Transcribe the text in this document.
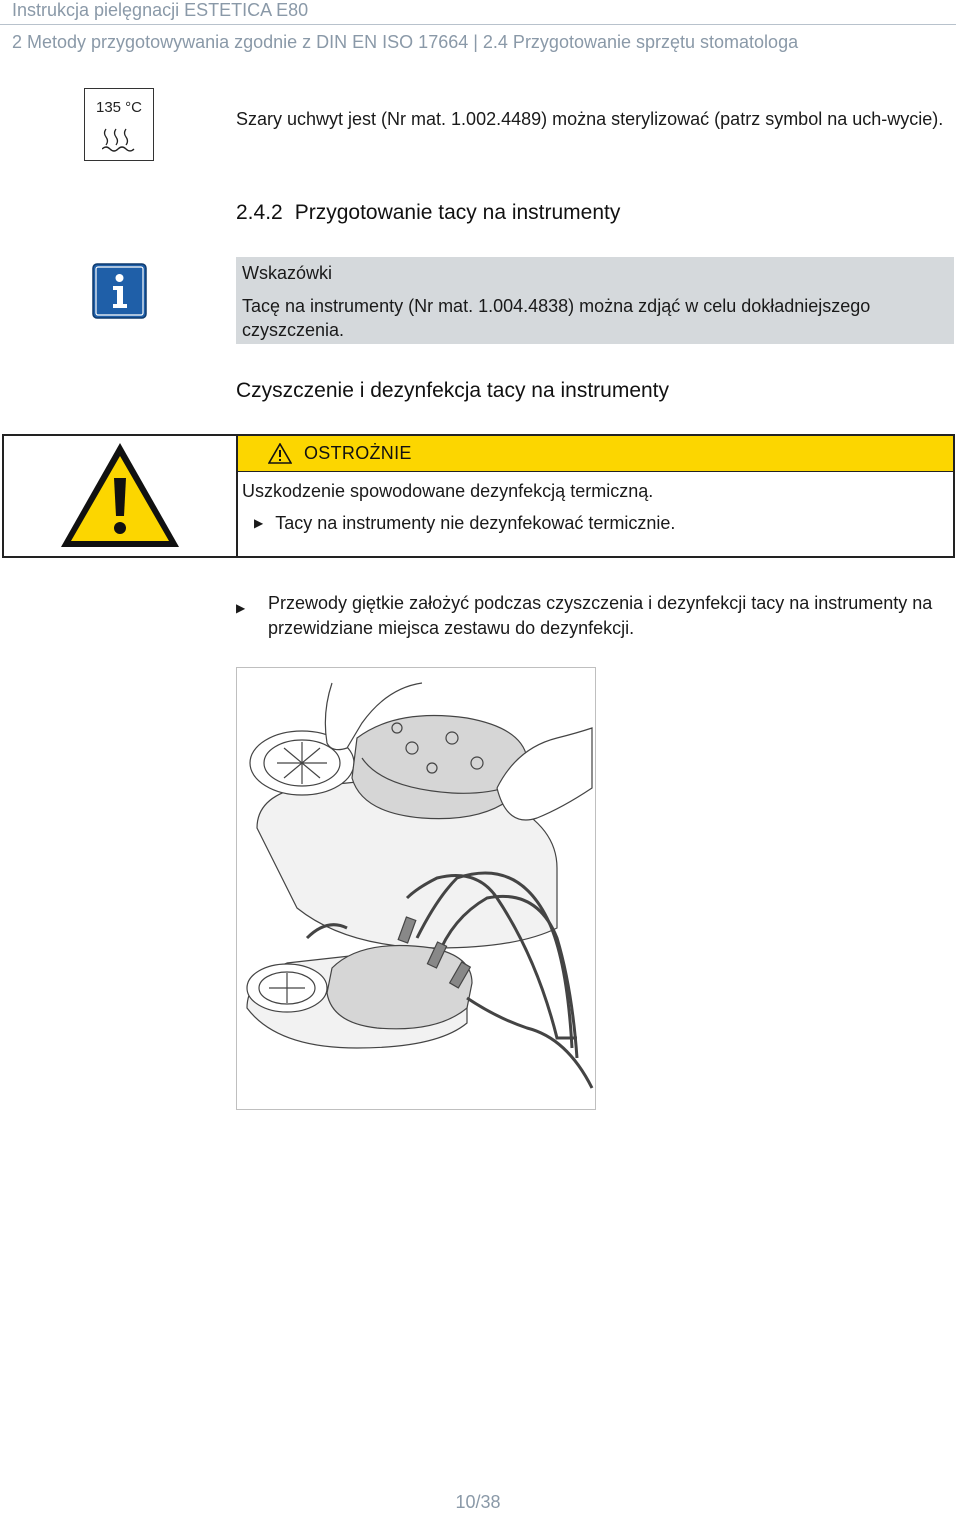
Instrukcja pielęgnacji ESTETICA E80
2 Metody przygotowywania zgodnie z DIN EN ISO 17664 | 2.4 Przygotowanie sprzętu stomatologa
135 °C
Szary uchwyt jest (Nr mat. 1.002.4489) można sterylizować (patrz symbol na uch-wycie).
2.4.2 Przygotowanie tacy na instrumenty
Wskazówki
Tacę na instrumenty (Nr mat. 1.004.4838) można zdjąć w celu dokładniejszego czyszczenia.
Czyszczenie i dezynfekcja tacy na instrumenty
OSTROŻNIE
Uszkodzenie spowodowane dezynfekcją termiczną.
▶ Tacy na instrumenty nie dezynfekować termicznie.
▶ Przewody giętkie założyć podczas czyszczenia i dezynfekcji tacy na instrumenty na przewidziane miejsca zestawu do dezynfekcji.
10/38
